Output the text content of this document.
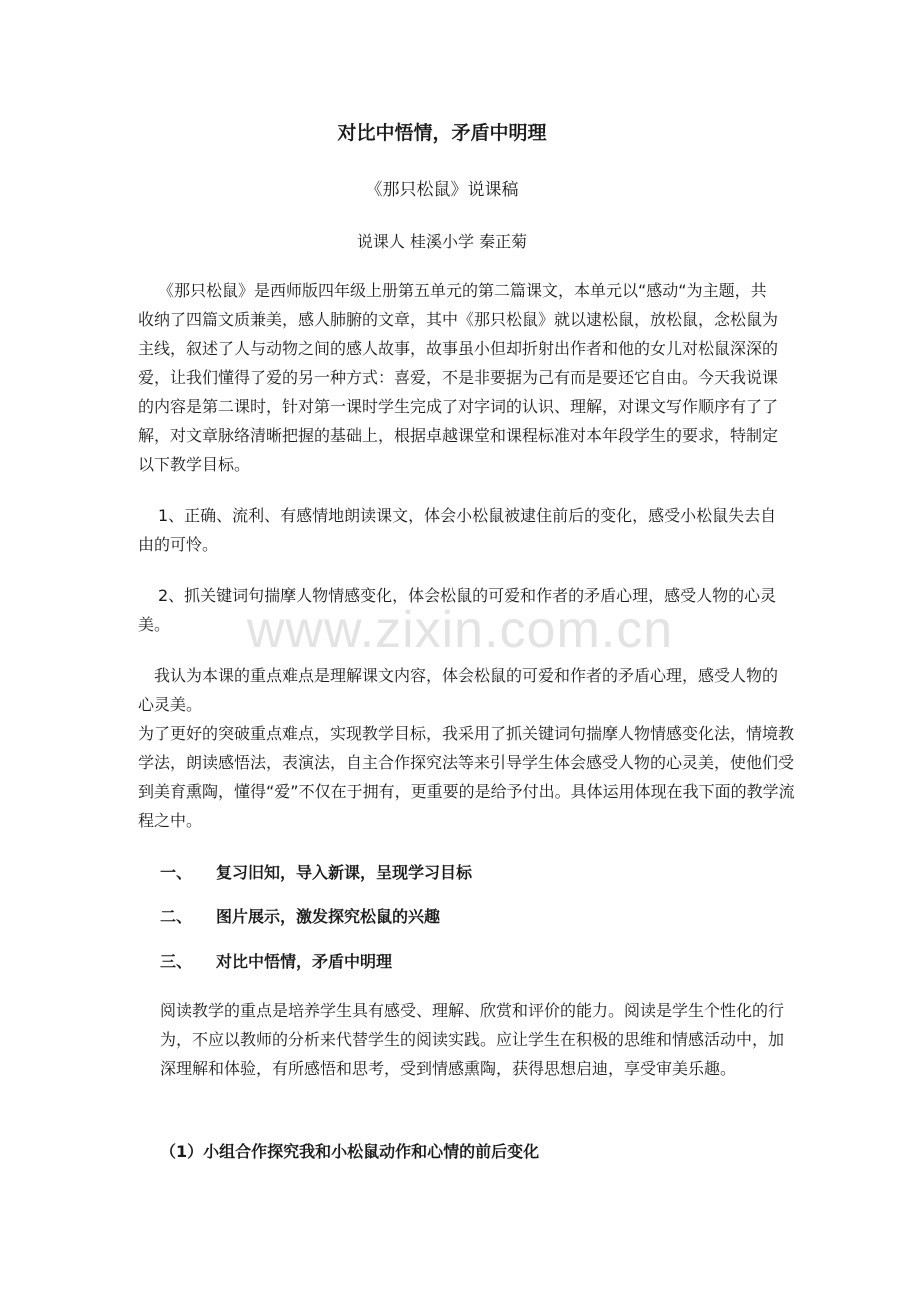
对比中悟情，矛盾中明理
《那只松鼠》说课稿
说课人 桂溪小学 秦正菊

《那只松鼠》是西师版四年级上册第五单元的第二篇课文，本单元以“感动“为主题，共收纳了四篇文质兼美，感人肺腑的文章，其中《那只松鼠》就以逮松鼠，放松鼠，念松鼠为主线，叙述了人与动物之间的感人故事，故事虽小但却折射出作者和他的女儿对松鼠深深的爱，让我们懂得了爱的另一种方式：喜爱，不是非要据为己有而是要还它自由。今天我说课的内容是第二课时，针对第一课时学生完成了对字词的认识、理解，对课文写作顺序有了了解，对文章脉络清晰把握的基础上，根据卓越课堂和课程标准对本年段学生的要求，特制定以下教学目标。

1、正确、流利、有感情地朗读课文，体会小松鼠被逮住前后的变化，感受小松鼠失去自由的可怜。

2、抓关键词句揣摩人物情感变化，体会松鼠的可爱和作者的矛盾心理，感受人物的心灵美。

我认为本课的重点难点是理解课文内容，体会松鼠的可爱和作者的矛盾心理，感受人物的心灵美。

为了更好的突破重点难点，实现教学目标，我采用了抓关键词句揣摩人物情感变化法，情境教学法，朗读感悟法，表演法，自主合作探究法等来引导学生体会感受人物的心灵美，使他们受到美育熏陶，懂得“爱”不仅在于拥有，更重要的是给予付出。具体运用体现在我下面的教学流程之中。

一、 复习旧知，导入新课，呈现学习目标
二、 图片展示，激发探究松鼠的兴趣
三、 对比中悟情，矛盾中明理

阅读教学的重点是培养学生具有感受、理解、欣赏和评价的能力。阅读是学生个性化的行为，不应以教师的分析来代替学生的阅读实践。应让学生在积极的思维和情感活动中，加深理解和体验，有所感悟和思考，受到情感熏陶，获得思想启迪，享受审美乐趣。

（1）小组合作探究我和小松鼠动作和心情的前后变化
www.zixin.com.cn
